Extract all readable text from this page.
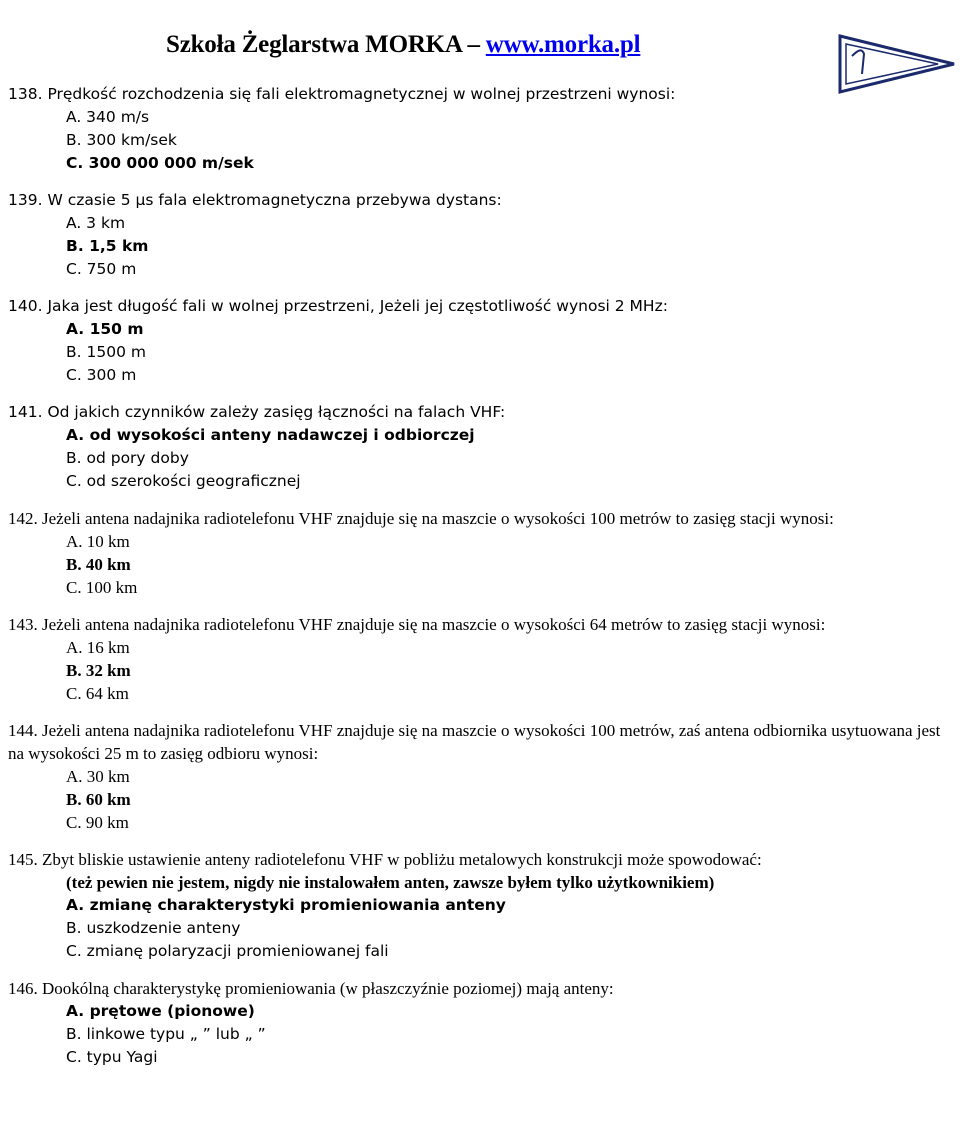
Szkoła Żeglarstwa MORKA – www.morka.pl
138. Prędkość rozchodzenia się fali elektromagnetycznej w wolnej przestrzeni wynosi:
A. 340 m/s
B. 300 km/sek
C. 300 000 000 m/sek
139. W czasie 5 μs fala elektromagnetyczna przebywa dystans:
A. 3 km
B. 1,5 km
C. 750 m
140. Jaka jest długość fali w wolnej przestrzeni, Jeżeli jej częstotliwość wynosi 2 MHz:
A. 150 m
B. 1500 m
C. 300 m
141. Od jakich czynników zależy zasięg łączności na falach VHF:
A. od wysokości anteny nadawczej i odbiorczej
B. od pory doby
C. od szerokości geograficznej
142. Jeżeli antena nadajnika radiotelefonu VHF znajduje się na maszcie o wysokości 100 metrów to zasięg stacji wynosi:
A. 10 km
B. 40 km
C. 100 km
143. Jeżeli antena nadajnika radiotelefonu VHF znajduje się na maszcie o wysokości 64 metrów to zasięg stacji wynosi:
A. 16 km
B. 32 km
C. 64 km
144. Jeżeli antena nadajnika radiotelefonu VHF znajduje się na maszcie o wysokości 100 metrów, zaś antena odbiornika usytuowana jest na wysokości 25 m to zasięg odbioru wynosi:
A. 30 km
B. 60 km
C. 90 km
145. Zbyt bliskie ustawienie anteny radiotelefonu VHF w pobliżu metalowych konstrukcji może spowodować:
(też pewien nie jestem, nigdy nie instalowałem anten, zawsze byłem tylko użytkownikiem)
A. zmianę charakterystyki promieniowania anteny
B. uszkodzenie anteny
C. zmianę polaryzacji promieniowanej fali
146. Dookólną charakterystykę promieniowania (w płaszczyźnie poziomej) mają anteny:
A. prętowe (pionowe)
B. linkowe typu „ ” lub „ ”
C. typu Yagi
